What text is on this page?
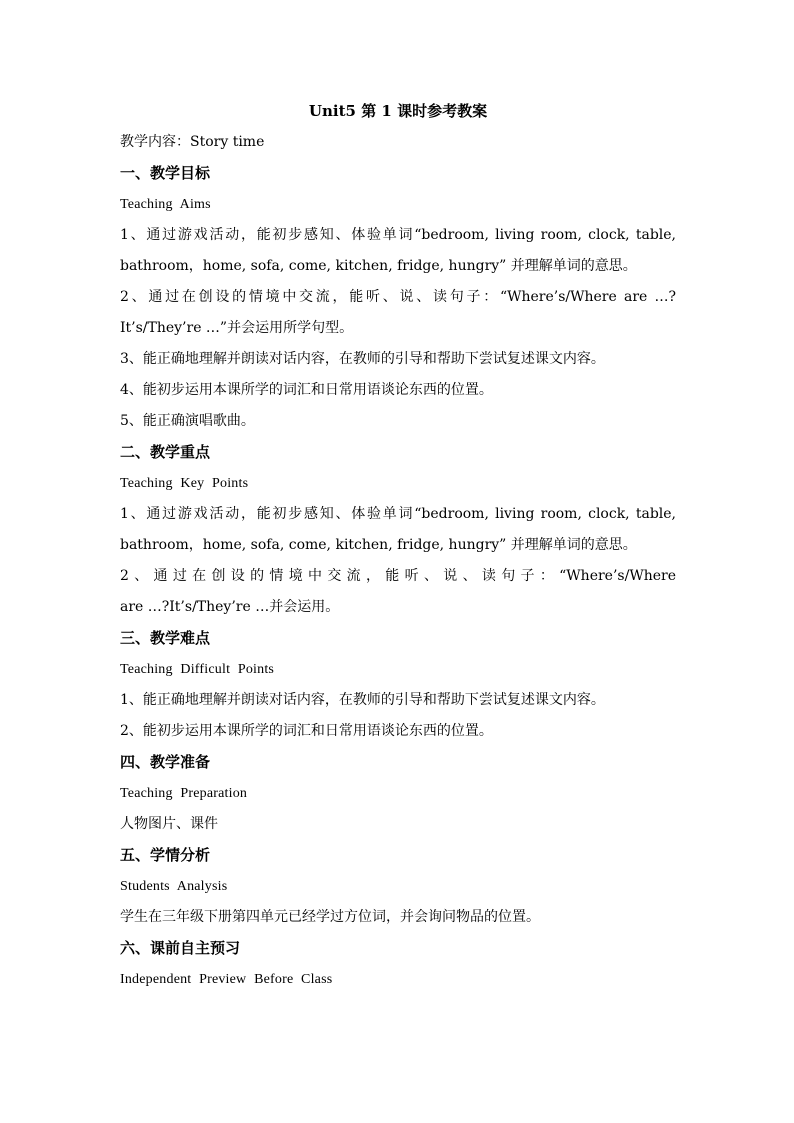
Unit5 第 1 课时参考教案

教学内容：Story time

一、教学目标

Teaching Aims

1、通过游戏活动，能初步感知、体验单词“bedroom, living room, clock, table,

bathroom，home, sofa, come, kitchen, fridge, hungry” 并理解单词的意思。

2、通过在创设的情境中交流，能听、说、读句子：“Where’s/Where are …?

It’s/They’re …”并会运用所学句型。

3、能正确地理解并朗读对话内容，在教师的引导和帮助下尝试复述课文内容。

4、能初步运用本课所学的词汇和日常用语谈论东西的位置。

5、能正确演唱歌曲。

二、教学重点

Teaching Key Points

1、通过游戏活动，能初步感知、体验单词“bedroom, living room, clock, table,

bathroom，home, sofa, come, kitchen, fridge, hungry” 并理解单词的意思。

2、通过在创设的情境中交流，能听、说、读句子：“Where’s/Where

are …?It’s/They’re …并会运用。

三、教学难点

Teaching Difficult Points

1、能正确地理解并朗读对话内容，在教师的引导和帮助下尝试复述课文内容。

2、能初步运用本课所学的词汇和日常用语谈论东西的位置。

四、教学准备

Teaching Preparation

人物图片、课件

五、学情分析

Students Analysis

学生在三年级下册第四单元已经学过方位词，并会询问物品的位置。

六、课前自主预习

Independent Preview Before Class
